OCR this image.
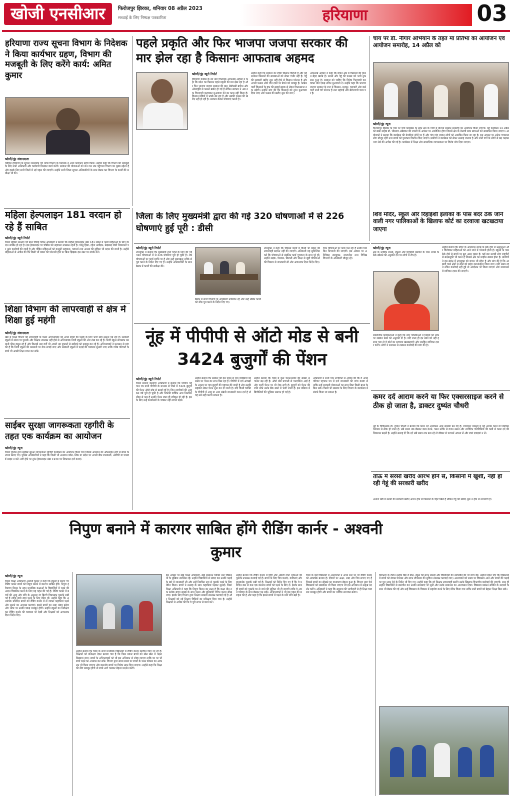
खोजी एनसीआर	फिरोजपुर झिरका, शनिवार 08 अप्रैल 2023
सच्चाई के लिए निष्पक्ष पत्रकारिता	हरियाणा	03
हरियाणा राज्य सूचना विभाग के निदेशक ने किया कार्यभार ग्रहण, विभाग की मजबूती के लिए करेंगे कार्य: अमित कुमार
खोजी/नूंह संवाददाता
चंडीगढ़ हरियाणा के सूचना जनसंपर्क एवं भाषा विभाग के निदेशक ने आज कार्यभार ग्रहण किया। उन्होंने कहा कि विभाग की मजबूती के लिए सभी अधिकारी और कर्मचारी मिलकर कार्य करेंगे। सरकार की योजनाओं को जन जन तक पहुंचाना विभाग का मुख्य उद्देश्य है और इसके लिए सभी जिलों में नई पहल की जाएगी। उन्होंने सभी जिला सूचना अधिकारियों के साथ बैठक कर विभाग के कार्यों की समीक्षा भी की।
पहले प्रकृति और फिर भाजपा जजपा सरकार की मार झेल रहा है किसानः आफताब अहमद
खोजी/नूंह ब्यूरो रिपोर्ट
हरियाणा कांग्रेस के उप नेता विधायक आफताब अहमद ने कहा कि प्रदेश का किसान पहले प्रकृति की मार झेल रहा है और फिर भाजपा जजपा सरकार की मार। बेमौसमी बारिश और ओलावृष्टि से फसलें बर्बाद हो गई हैं लेकिन सरकार ने अब तक गिरदावरी करवाकर मुआवजा देने का काम नहीं किया है। किसान मंडियों में धक्के खा रहा है और उसकी फसल की खरीद नहीं हो रही है। सरकार केवल घोषणाएं करती है।
उन्होंने कहा कि सरकार का रवैया किसान विरोधी है और यह सरकार किसानों की समस्याओं को लेकर गंभीर नहीं है। गेहूं की सरकारी खरीद शुरू नहीं होने से किसान परेशान है और अपनी फसल औने पौने दामों पर बेचने को मजबूर है। कांग्रेस पार्टी किसानों के हक की लड़ाई सड़क से लेकर विधानसभा तक लड़ेगी। उन्होंने मांग की कि किसानों को तुरंत मुआवजा दिया जाए और फसल की खरीद शुरू की जाए।
आफताब अहमद ने कहा कि मेवात क्षेत्र में किसानों की हालत बेहद खराब है। सरसों और गेहूं की फसल को भारी नुकसान हुआ है। सरकार को चाहिए कि विशेष गिरदावरी करवाकर प्रति एकड़ उचित मुआवजा दे। उन्होंने कहा कि भाजपा जजपा सरकार के राज में किसान, मजदूर, व्यापारी और कर्मचारी सभी वर्ग परेशान हैं तथा महंगाई और बेरोजगारी चरम पर है।
चाय पर डॉ. नीगार अभियान के तहत मां प्रतिभा का आयोजन एवं आयोजन समारोह, 14 अप्रैल को
खोजी/नूंह न्यूज
फिरोजपुर झिरका के चाय पर चर्चा कार्यक्रम के तहत क्षेत्र के गांवों में प्रतिभा सम्मान समारोह का आयोजन किया जाएगा। यह कार्यक्रम 14 अप्रैल को बाबा साहेब डॉ. भीमराव अंबेडकर की जयंती के अवसर पर आयोजित होगा जिसमें क्षेत्र के मेधावी छात्र छात्राओं को सम्मानित किया जाएगा। आयोजकों ने बताया कि कार्यक्रम की तैयारियां जोरों पर हैं और गांव गांव जाकर लोगों को आमंत्रित किया जा रहा है। इस अवसर पर अनेक गणमान्य लोग मौजूद रहेंगे तथा बच्चों को पुरस्कार वितरित किए जाएंगे। ग्रामीणों ने कार्यक्रम को लेकर उत्साह जताया है और सभी वर्गों के लोगों से बढ़ चढ़कर भाग लेने की अपील की गई है। कार्यक्रम में शिक्षा और सामाजिक जागरूकता पर विशेष जोर दिया जाएगा।
महिला हेल्पलाइन 181 वरदान हो रहे हैं साबित
खोजी/नूंह ब्यूरो रिपोर्ट
जिला महिला संरक्षण एवं बाल विवाह निषेध अधिकारी ने बताया कि महिला हेल्पलाइन नंबर 181 संकट में फंसी महिलाओं के लिए वरदान साबित हो रहा है। इस हेल्पलाइन पर चौबीस घंटे सहायता उपलब्ध रहती है। घरेलू हिंसा, दहेज उत्पीड़न, छेड़छाड़ जैसी शिकायतों पर तुरंत कार्रवाई की जाती है और पीड़ित महिलाओं को कानूनी सहायता, परामर्श तथा आश्रय की सुविधा भी प्रदान की जाती है। उन्होंने महिलाओं से अपील की कि किसी भी प्रकार की परेशानी होने पर बिना झिझक इस नंबर पर संपर्क करें।
शिक्षा विभाग की लापरवाही से क्षेत्र में शिक्षा हुई महंगी
खोजी/नूंह संवाददाता
खंड में शिक्षा विभाग की लापरवाही के चलते अभिभावकों को अपने बच्चों की पढ़ाई के लिए भारी खर्च उठाना पड़ रहा है। सरकारी स्कूलों में समय पर पुस्तकें और शिक्षक उपलब्ध नहीं होने से अभिभावक निजी स्कूलों की ओर रुख कर रहे हैं। निजी स्कूल संचालक मनमानी फीस वसूल रहे हैं और किताबें तथा वर्दी भी अपनी तय दुकानों से खरीदने को मजबूर कर रहे हैं। अभिभावकों ने प्रशासन से मांग की है कि निजी स्कूलों की मनमानी पर रोक लगाई जाए और सरकारी स्कूलों में पढ़ाई की व्यवस्था सुधारी जाए ताकि गरीब परिवारों के बच्चे भी अच्छी शिक्षा प्राप्त कर सकें।
साईबर सुरक्षा जागरूकता रहगीरी के तहत एक कार्यक्रम का आयोजन
खोजी/नूंह न्यूज
जिला पुलिस द्वारा साईबर सुरक्षा जागरूकता रहगीरी कार्यक्रम का आयोजन किया गया जिसमें आमजन को ऑनलाइन ठगी से बचने के उपाय बताए गए। पुलिस अधिकारियों ने कहा कि किसी भी अनजान कॉल, लिंक या संदेश पर अपनी बैंक जानकारी, ओटीपी या पासवर्ड साझा न करें। ठगी होने पर तुरंत हेल्पलाइन नंबर 1930 पर शिकायत दर्ज कराएं।
जिला के लिए मुख्यमंत्री द्वारा की गई 320 घोषणाओं में से 226 घोषणाएं हुई पूरी : डीसी
खोजी/नूंह ब्यूरो रिपोर्ट
उपायुक्त ने बताया कि मुख्यमंत्री द्वारा जिले के लिए की गई 320 घोषणाओं में से 226 घोषणाएं पूरी हो चुकी हैं। शेष घोषणाओं पर कार्य प्रगति पर है और उन्हें समयबद्ध तरीके से पूरा करने के निर्देश दिए गए हैं। उन्होंने अधिकारियों के साथ बैठक में कार्यों की समीक्षा की।
बैठक में सभी विभागों के अधिकारी उपस्थित रहे और उन्हें लंबित कार्यों को शीघ्र पूरा करने के निर्देश दिए गए।
उपायुक्त ने कहा कि विकास कार्यों में किसी भी प्रकार की लापरवाही बर्दाश्त नहीं की जाएगी। अधिकारी यह सुनिश्चित करें कि घोषणाओं से संबंधित कार्य गुणवत्ता के साथ पूरे हों। उन्होंने सड़क, पेयजल, बिजली और शिक्षा से जुड़ी घोषणाओं की विस्तार से जानकारी ली और आवश्यक दिशा निर्देश दिए।
जिन घोषणाओं पर कार्य चल रहा है उनकी नियमित निगरानी की जाएगी। इस अवसर पर अतिरिक्त उपायुक्त, नगराधीश तथा विभिन्न विभागों के अधिकारी मौजूद रहे।
शिव मंदिर, स्कूल और रिहाईशी इलाकों के पास बंदर ठेके जाने वाली नगर पालिकाओं के खिलाफ कोर्ट का दरवाजा खटखटाया जाएगा
खोजी/नूंह न्यूज
क्षेत्र के धार्मिक स्थलों, स्कूलों और रिहाईशी इलाकों के पास शराब के ठेके खोलने की अनुमति देने पर लोगों में रोष है।
सामाजिक कार्यकर्ताओं ने कहा कि नगर पालिकाओं ने नियमों को ताक पर रखकर ठेकों को अनुमति दी है। यदि जल्द ही इन ठेकों को नहीं हटाया गया तो वे कोर्ट का दरवाजा खटखटाएंगे और जनहित याचिका दायर करेंगे। लोगों ने प्रशासन से तत्काल कार्रवाई की मांग की है।
उन्होंने बताया कि मंदिर के आसपास शराब के ठेके होने से श्रद्धालुओं और विशेषकर महिलाओं को आने जाने में परेशानी होती है। स्कूलों के पास ठेके होने से बच्चों पर बुरा असर पड़ता है। कई बार शराबी लोग राहगीरों से बदसलूकी भी करते हैं जिससे क्षेत्र का माहौल खराब होता है। ग्रामीणों ने इस संबंध में उपायुक्त को ज्ञापन भी सौंपा है और मांग की है कि आबादी वाले क्षेत्रों से ठेकों को बाहर स्थानांतरित किया जाए। यदि समय रहते उचित कार्रवाई नहीं हुई तो आंदोलन भी किया जाएगा और न्यायालय में याचिका दायर की जाएगी।
नूंह में पीपीपी से ऑटो मोड से बनी 3424 बुजुर्गों की पेंशन
खोजी/नूंह ब्यूरो रिपोर्ट
जिला समाज कल्याण अधिकारी ने बताया कि परिवार पहचान पत्र यानी पीपीपी के माध्यम से जिले में 3424 बुजुर्गों की पेंशन ऑटो मोड से बनाई गई है। जिन नागरिकों की आयु 60 वर्ष पूरी हो चुकी है और जिनकी वार्षिक आय निर्धारित सीमा से कम है उनकी पेंशन स्वतः ही स्वीकृत हो रही है। इसके लिए उन्हें कार्यालयों के चक्कर नहीं लगाने पड़ते।
उन्होंने बताया कि सरकार की इस पहल से पात्र व्यक्तियों को समय पर पेंशन का लाभ मिल रहा है। पीपीपी में दर्ज आंकड़ों के आधार पर पात्र बुजुर्गों की पहचान की जाती है और उनकी सहमति लेकर पेंशन शुरू कर दी जाती है। यदि किसी व्यक्ति के पीपीपी में आयु या आय संबंधी जानकारी गलत दर्ज है तो वह उसे सही करवा सकता है।
उन्होंने बताया कि जिले में कुल पेंशनधारकों की संख्या लगातार बढ़ रही है। ऑटो मोड प्रणाली से पारदर्शिता आई है और फर्जी पेंशन पर भी रोक लगी है। बुजुर्गों को पेंशन की राशि सीधे उनके बैंक खाते में भेजी जाती है। इस प्रक्रिया में बिचौलियों की भूमिका समाप्त हो गई है।
अधिकारी ने सभी पात्र नागरिकों से अपील की कि वे अपने परिवार पहचान पत्र में दर्ज जानकारी की जांच करवा लें ताकि उन्हें सरकारी योजनाओं का लाभ बिना किसी बाधा के मिल सके। किसी भी समस्या के लिए विभाग के कार्यालय में संपर्क किया जा सकता है।
कमर दर्द आराम करने या फिर एक्सरसाइज करने से ठीक हो जाता है, डाक्टर दुष्यंत चौधरी
नूंह के चिकित्सक डॉ. दुष्यंत चौधरी ने बताया कि कमर दर्द आजकल आम समस्या बन गई है। ज्यादातर मामलों में यह आराम करने या नियमित व्यायाम से ठीक हो जाता है। लंबे समय तक बैठकर काम करने, गलत तरीके से वजन उठाने और शारीरिक गतिविधियों की कमी से कमर दर्द की शिकायत बढ़ती है। उन्होंने सलाह दी कि दर्द लंबे समय तक बना रहे तो डॉक्टर से परामर्श अवश्य लें और स्वयं दवाइयां न लें।
ताऊ में सरसों खरीद आरंभ होने से, किसानों में खुशी, नहीं हो रही गेहूं की सरकारी खरीद
अनाज मंडी में सरसों की सरकारी खरीद आरंभ होने से किसानों के चेहरे खिले हैं लेकिन गेहूं की खरीद शुरू न होने से नाराजगी है।
निपुण बनाने में कारगर साबित होंगे रीडिंग कार्नर - अश्वनी कुमार
खोजी/नूंह न्यूज
जिला शिक्षा अधिकारी अश्वनी कुमार ने कहा कि स्कूलों में बनाए गए रीडिंग कार्नर बच्चों को निपुण बनाने में कारगर साबित होंगे। निपुण हरियाणा मिशन के तहत प्राथमिक कक्षाओं के विद्यार्थियों में पढ़ने की आदत विकसित करने के लिए यह पहल की गई है। रीडिंग कार्नर में बच्चों की आयु और रुचि के अनुसार रंग बिरंगी चित्रात्मक पुस्तकें रखी गई हैं ताकि बच्चे स्वयं पढ़ने के लिए प्रेरित हों। उन्होंने कहा कि अध्यापक प्रतिदिन बच्चों को रीडिंग कार्नर में ले जाकर कहानियां पढ़ने और सुनाने का अभ्यास करवाएं। इससे बच्चों का शब्द भंडार बढ़ेगा और भाषा पर उनकी पकड़ मजबूत होगी। उन्होंने स्कूलों का निरीक्षण कर रीडिंग कार्नर की व्यवस्था भी देखी और शिक्षकों को आवश्यक दिशा निर्देश दिए।
उन्होंने बताया कि जिले के सभी प्राथमिक विद्यालयों में रीडिंग कार्नर स्थापित किए जा रहे हैं। शिक्षकों को प्रशिक्षण देकर बताया गया है कि किस प्रकार बच्चों को खेल खेल में पढ़ना सिखाया जाए। बच्चों के अभिभावकों को भी इस अभियान से जोड़ा जाएगा ताकि घर पर भी बच्चे पढ़ने का अभ्यास कर सकें। विभाग द्वारा समय समय पर बच्चों के पठन कौशल का आकलन भी किया जाएगा और कमजोर बच्चों पर विशेष ध्यान दिया जाएगा। उन्होंने कहा कि शिक्षा की नींव मजबूत होगी तो बच्चे आगे चलकर बेहतर प्रदर्शन करेंगे।
इस अवसर पर खंड शिक्षा अधिकारी, खंड संसाधन व्यक्ति तथा विद्यालयों के मुखिया उपस्थित रहे। उन्होंने विद्यार्थियों से संवाद कर उनकी पढ़ाई के बारे में जानकारी ली और उन्हें नियमित रूप से पुस्तकें पढ़ने के लिए प्रेरित किया। बच्चों ने उत्साह के साथ कहानियां पढ़कर सुनाईं। जिला शिक्षा अधिकारी ने कहा कि निपुण मिशन का लक्ष्य है कि कक्षा तीन तक प्रत्येक बच्चा समझ के साथ पढ़ना और बुनियादी गणित करना सीख जाए। इसके लिए विभाग द्वारा शिक्षण सामग्री उपलब्ध करवाई गई है और शिक्षकों को नई शिक्षण विधियों का प्रशिक्षण दिया गया है। उन्होंने शिक्षकों से अपील की कि वे पूरी लगन से कार्य करें।
उन्होंने बताया कि रीडिंग कार्नर में हिंदी और अंग्रेजी दोनों भाषाओं की पुस्तकें उपलब्ध करवाई गई हैं। बच्चों के लिए चित्र कथाएं, कविताएं और ज्ञानवर्धक पुस्तकें रखी गई हैं। शिक्षकों को निर्देश दिए गए हैं कि वे प्रतिदिन कम से कम एक कालांश बच्चों को पढ़ने के लिए दें। इसके साथ ही बच्चों को पुस्तकें घर ले जाने की सुविधा भी दी जाएगी ताकि वे अपने परिवार के साथ बैठकर पढ़ सकें। अभिभावकों ने भी इस पहल की सराहना की है और कहा है कि इससे बच्चों में पढ़ने के प्रति रुचि बढ़ी है।
जिले के कई विद्यालयों में अध्यापकों ने अपने स्तर पर भी रीडिंग कार्नर को आकर्षक बनाया है। दीवारों पर अक्षर, शब्द और चित्र लगाए गए हैं जिससे बच्चों का सीखने का वातावरण बेहतर हुआ है। विभाग द्वारा ऐसे विद्यालयों को सम्मानित भी किया जाएगा जो इस अभियान में उत्कृष्ट प्रदर्शन करेंगे। अधिकारी ने कहा कि समुदाय की भागीदारी से ही शिक्षा व्यवस्था मजबूत होगी और बच्चों का भविष्य उज्ज्वल बनेगा।
निरीक्षण के दौरान उन्होंने मिड डे मील, स्कूल की साफ सफाई और विद्यार्थियों की उपस्थिति की भी जांच की। उन्होंने निर्देश दिए कि विद्यालयों में बच्चों को स्वच्छ पेयजल और साफ शौचालय की सुविधा उपलब्ध करवाई जाए। अध्यापकों को समय पर विद्यालय आने और बच्चों की पढ़ाई पर पूरा ध्यान देने के निर्देश भी दिए गए। उन्होंने कहा कि जो शिक्षक लापरवाही बरतेंगे उनके खिलाफ विभागीय कार्रवाई की जाएगी। साथ ही उन्होंने विद्यार्थियों से बातचीत कर उनकी समस्याएं भी सुनीं और उनके समाधान का आश्वासन दिया। विद्यालय प्रबंधन समिति के सदस्यों के साथ भी बैठक की गई और उन्हें विद्यालय के विकास में सहयोग करने के लिए प्रेरित किया गया ताकि सभी बच्चों को बेहतर शिक्षा मिल सके।
